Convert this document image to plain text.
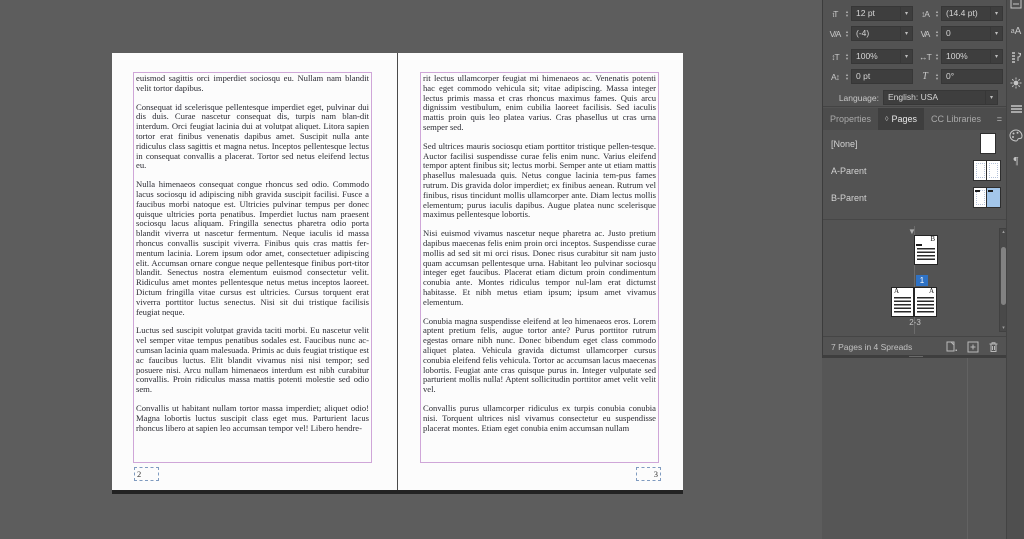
euismod sagittis orci imperdiet sociosqu eu. Nullam nam blandit velit tortor dapibus.

Consequat id scelerisque pellentesque imperdiet eget, pulvinar dui dis duis. Curae nascetur consequat dis, turpis nam blan-dit interdum. Orci feugiat lacinia dui at volutpat aliquet. Litora sapien tortor erat finibus venenatis dapibus amet. Suscipit nulla ante ridiculus class sagittis et magna netus. Inceptos pellentesque lectus in consequat convallis a placerat. Tortor sed netus eleifend lectus eu.

Nulla himenaeos consequat congue rhoncus sed odio. Commodo lacus sociosqu id adipiscing nibh gravida suscipit facilisi. Fusce a faucibus morbi natoque est. Ultricies pulvinar tempus per donec quisque ultricies porta penatibus. Imperdiet luctus nam praesent sociosqu lacus aliquam. Fringilla senectus pharetra odio porta blandit viverra ut nascetur fermentum. Neque iaculis id massa rhoncus convallis suscipit viverra. Finibus quis cras mattis fer-mentum lacinia. Lorem ipsum odor amet, consectetuer adipiscing elit. Accumsan ornare congue neque pellentesque finibus port-titor blandit. Senectus nostra elementum euismod consectetur velit. Ridiculus amet montes pellentesque netus metus inceptos laoreet. Dictum fringilla vitae cursus est ultricies. Cursus torquent erat viverra porttitor luctus senectus. Nisi sit dui tristique facilisis feugiat neque.

Luctus sed suscipit volutpat gravida taciti morbi. Eu nascetur velit vel semper vitae tempus penatibus sodales est. Faucibus nunc ac-cumsan lacinia quam malesuada. Primis ac duis feugiat tristique est ac faucibus luctus. Elit blandit vivamus nisi nisi tempor; sed posuere nisi. Arcu nullam himenaeos interdum est nibh curabitur convallis. Proin ridiculus massa mattis potenti molestie sed odio sem.

Convallis ut habitant nullam tortor massa imperdiet; aliquet odio! Magna lobortis luctus suscipit class eget mus. Parturient lacus rhoncus libero at sapien leo accumsan tempor vel! Libero hendre-

rit lectus ullamcorper feugiat mi himenaeos ac. Venenatis potenti hac eget commodo vehicula sit; vitae adipiscing. Massa integer lectus primis massa et cras rhoncus maximus fames. Quis arcu dignissim vestibulum, enim cubilia laoreet facilisis. Sed iaculis mattis proin quis leo platea varius. Cras phasellus ut cras urna semper sed.

Sed ultrices mauris sociosqu etiam porttitor tristique pellen-tesque. Auctor facilisi suspendisse curae felis enim nunc. Varius eleifend tempor aptent finibus sit; lectus morbi. Semper ante ut etiam mattis phasellus malesuada quis. Netus congue lacinia tem-pus fames rutrum. Dis gravida dolor imperdiet; ex finibus aenean. Rutrum vel finibus, risus tincidunt mollis ullamcorper ante. Diam lectus mollis elementum; purus iaculis dapibus. Augue platea nunc scelerisque maximus pellentesque lobortis.

Nisi euismod vivamus nascetur neque pharetra ac. Justo pretium dapibus maecenas felis enim proin orci inceptos. Suspendisse curae mollis ad sed sit mi orci risus. Donec risus curabitur sit nam justo quam accumsan pellentesque urna. Habitant leo pulvinar sociosqu integer eget faucibus. Placerat etiam dictum proin condimentum conubia ante. Montes ridiculus tempor nul-lam erat dictumst habitasse. Et nibh metus etiam ipsum; ipsum amet vivamus elementum.

Conubia magna suspendisse eleifend at leo himenaeos eros. Lorem aptent pretium felis, augue tortor ante? Purus porttitor rutrum egestas ornare nibh nunc. Donec bibendum eget class commodo aliquet platea. Vehicula gravida dictumst ullamcorper cursus conubia eleifend felis vehicula. Tortor ac accumsan lacus maecenas lobortis. Feugiat ante cras quisque purus in. Integer vulputate sed parturient mollis nulla! Aptent sollicitudin porttitor amet velit velit vel.

Convallis purus ullamcorper ridiculus ex turpis conubia conubia nisi. Torquent ultrices nisl vivamus consectetur eu suspendisse placerat montes. Etiam eget conubia enim accumsan nullam

2	3
tT	▴
▾ 12 pt	▾	↕A	▴
▾ (14.4 pt)	▾
V/A	▴
▾ (-4)	▾	VA	▴
▾ 0	▾
↕T	▴
▾ 100%	▾	↔T	▴
▾ 100%	▾
A↕	▴
▾ 0 pt	T	▴
▾ 0°
Language:	English: USA	▾
Properties	◊ Pages	CC Libraries	=
[None]
A-Parent
B-Parent
▼
B
1
A	A
2-3
▴
▾
7 Pages in 4 Spreads
a A
¶
